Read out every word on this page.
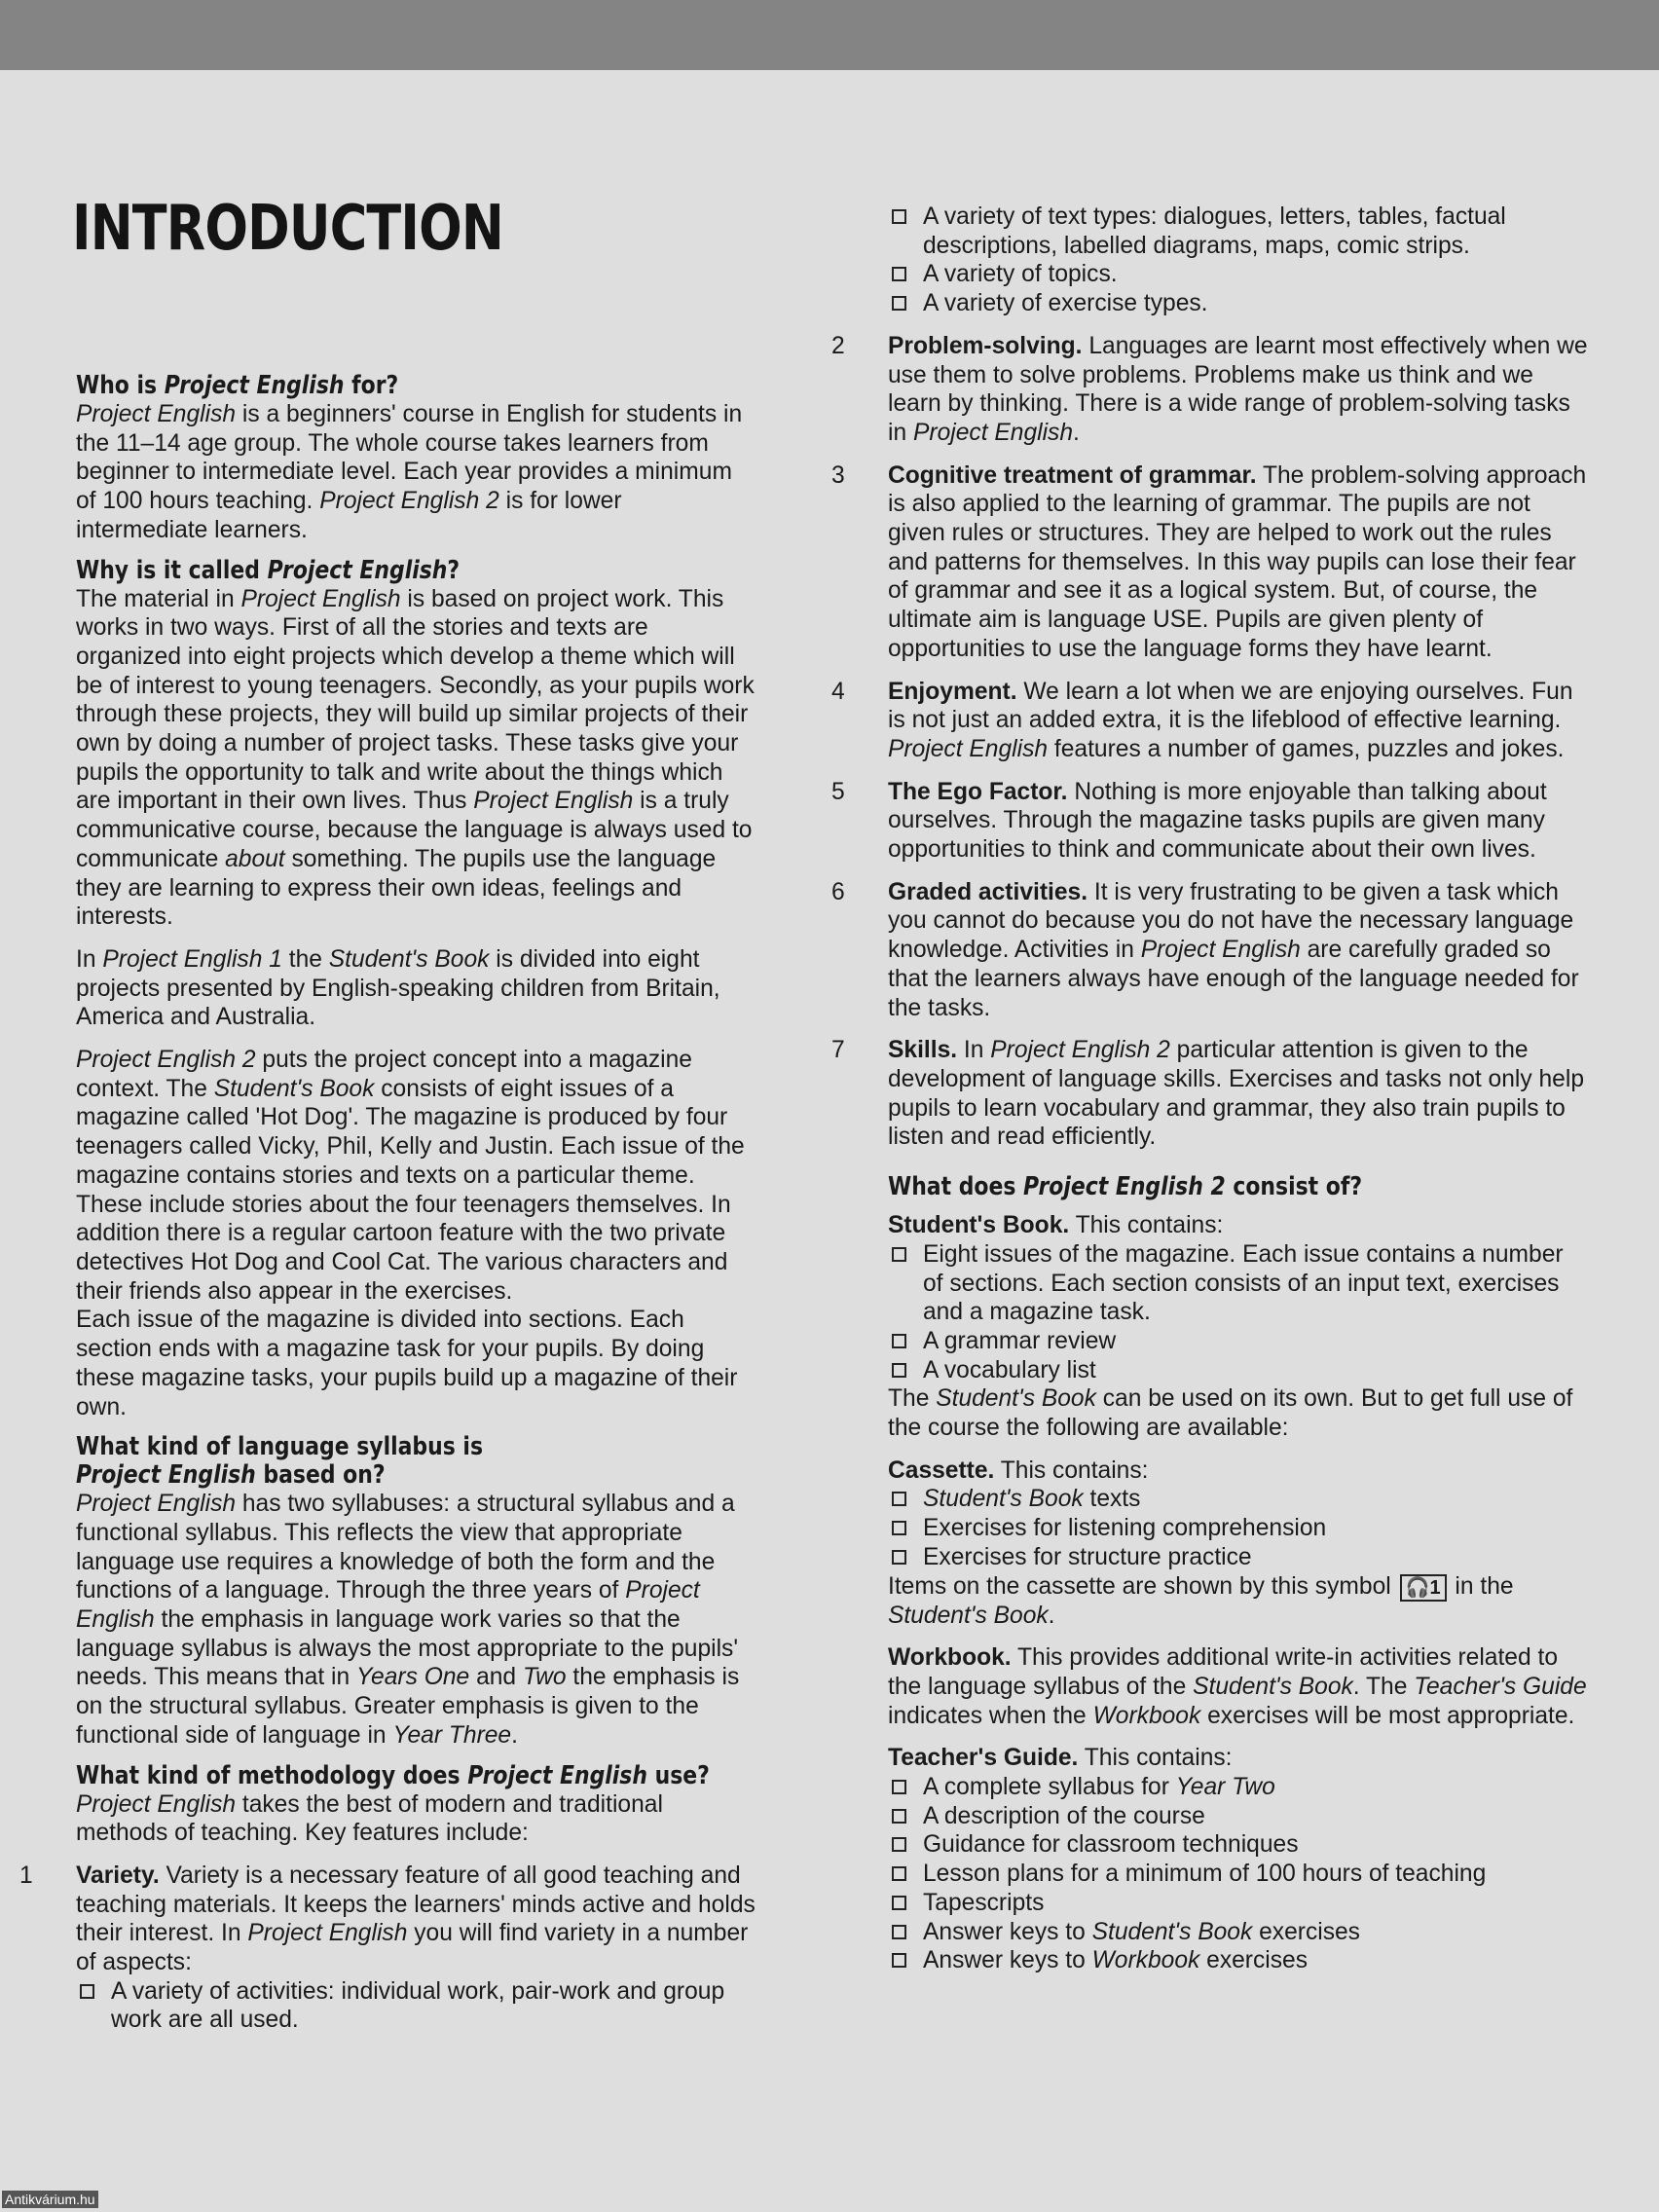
INTRODUCTION
Who is Project English for?

Project English is a beginners' course in English for students in the 11–14 age group. The whole course takes learners from beginner to intermediate level. Each year provides a minimum of 100 hours teaching. Project English 2 is for lower intermediate learners.

Why is it called Project English?

The material in Project English is based on project work. This works in two ways. First of all the stories and texts are organized into eight projects which develop a theme which will be of interest to young teenagers. Secondly, as your pupils work through these projects, they will build up similar projects of their own by doing a number of project tasks. These tasks give your pupils the opportunity to talk and write about the things which are important in their own lives. Thus Project English is a truly communicative course, because the language is always used to communicate about something. The pupils use the language they are learning to express their own ideas, feelings and interests.

In Project English 1 the Student's Book is divided into eight projects presented by English-speaking children from Britain, America and Australia.

Project English 2 puts the project concept into a magazine context. The Student's Book consists of eight issues of a magazine called 'Hot Dog'. The magazine is produced by four teenagers called Vicky, Phil, Kelly and Justin. Each issue of the magazine contains stories and texts on a particular theme. These include stories about the four teenagers themselves. In addition there is a regular cartoon feature with the two private detectives Hot Dog and Cool Cat. The various characters and their friends also appear in the exercises.

Each issue of the magazine is divided into sections. Each section ends with a magazine task for your pupils. By doing these magazine tasks, your pupils build up a magazine of their own.

What kind of language syllabus is Project English based on?

Project English has two syllabuses: a structural syllabus and a functional syllabus. This reflects the view that appropriate language use requires a knowledge of both the form and the functions of a language. Through the three years of Project English the emphasis in language work varies so that the language syllabus is always the most appropriate to the pupils' needs. This means that in Years One and Two the emphasis is on the structural syllabus. Greater emphasis is given to the functional side of language in Year Three.

What kind of methodology does Project English use?

Project English takes the best of modern and traditional methods of teaching. Key features include:

1 Variety. Variety is a necessary feature of all good teaching and teaching materials. It keeps the learners' minds active and holds their interest. In Project English you will find variety in a number of aspects:

A variety of activities: individual work, pair-work and group work are all used.
A variety of text types: dialogues, letters, tables, factual descriptions, labelled diagrams, maps, comic strips.
A variety of topics.
A variety of exercise types.
2 Problem-solving. Languages are learnt most effectively when we use them to solve problems. Problems make us think and we learn by thinking. There is a wide range of problem-solving tasks in Project English.

3 Cognitive treatment of grammar. The problem-solving approach is also applied to the learning of grammar. The pupils are not given rules or structures. They are helped to work out the rules and patterns for themselves. In this way pupils can lose their fear of grammar and see it as a logical system. But, of course, the ultimate aim is language USE. Pupils are given plenty of opportunities to use the language forms they have learnt.

4 Enjoyment. We learn a lot when we are enjoying ourselves. Fun is not just an added extra, it is the lifeblood of effective learning. Project English features a number of games, puzzles and jokes.

5 The Ego Factor. Nothing is more enjoyable than talking about ourselves. Through the magazine tasks pupils are given many opportunities to think and communicate about their own lives.

6 Graded activities. It is very frustrating to be given a task which you cannot do because you do not have the necessary language knowledge. Activities in Project English are carefully graded so that the learners always have enough of the language needed for the tasks.

7 Skills. In Project English 2 particular attention is given to the development of language skills. Exercises and tasks not only help pupils to learn vocabulary and grammar, they also train pupils to listen and read efficiently.

What does Project English 2 consist of?

Student's Book. This contains:

Eight issues of the magazine. Each issue contains a number of sections. Each section consists of an input text, exercises and a magazine task.
A grammar review
A vocabulary list

The Student's Book can be used on its own. But to get full use of the course the following are available:

Cassette. This contains:

Student's Book texts
Exercises for listening comprehension
Exercises for structure practice

Items on the cassette are shown by this symbol 🎧1 in the Student's Book.

Workbook. This provides additional write-in activities related to the language syllabus of the Student's Book. The Teacher's Guide indicates when the Workbook exercises will be most appropriate.

Teacher's Guide. This contains:

A complete syllabus for Year Two
A description of the course
Guidance for classroom techniques
Lesson plans for a minimum of 100 hours of teaching
Tapescripts
Answer keys to Student's Book exercises
Answer keys to Workbook exercises
Antikvárium.hu
